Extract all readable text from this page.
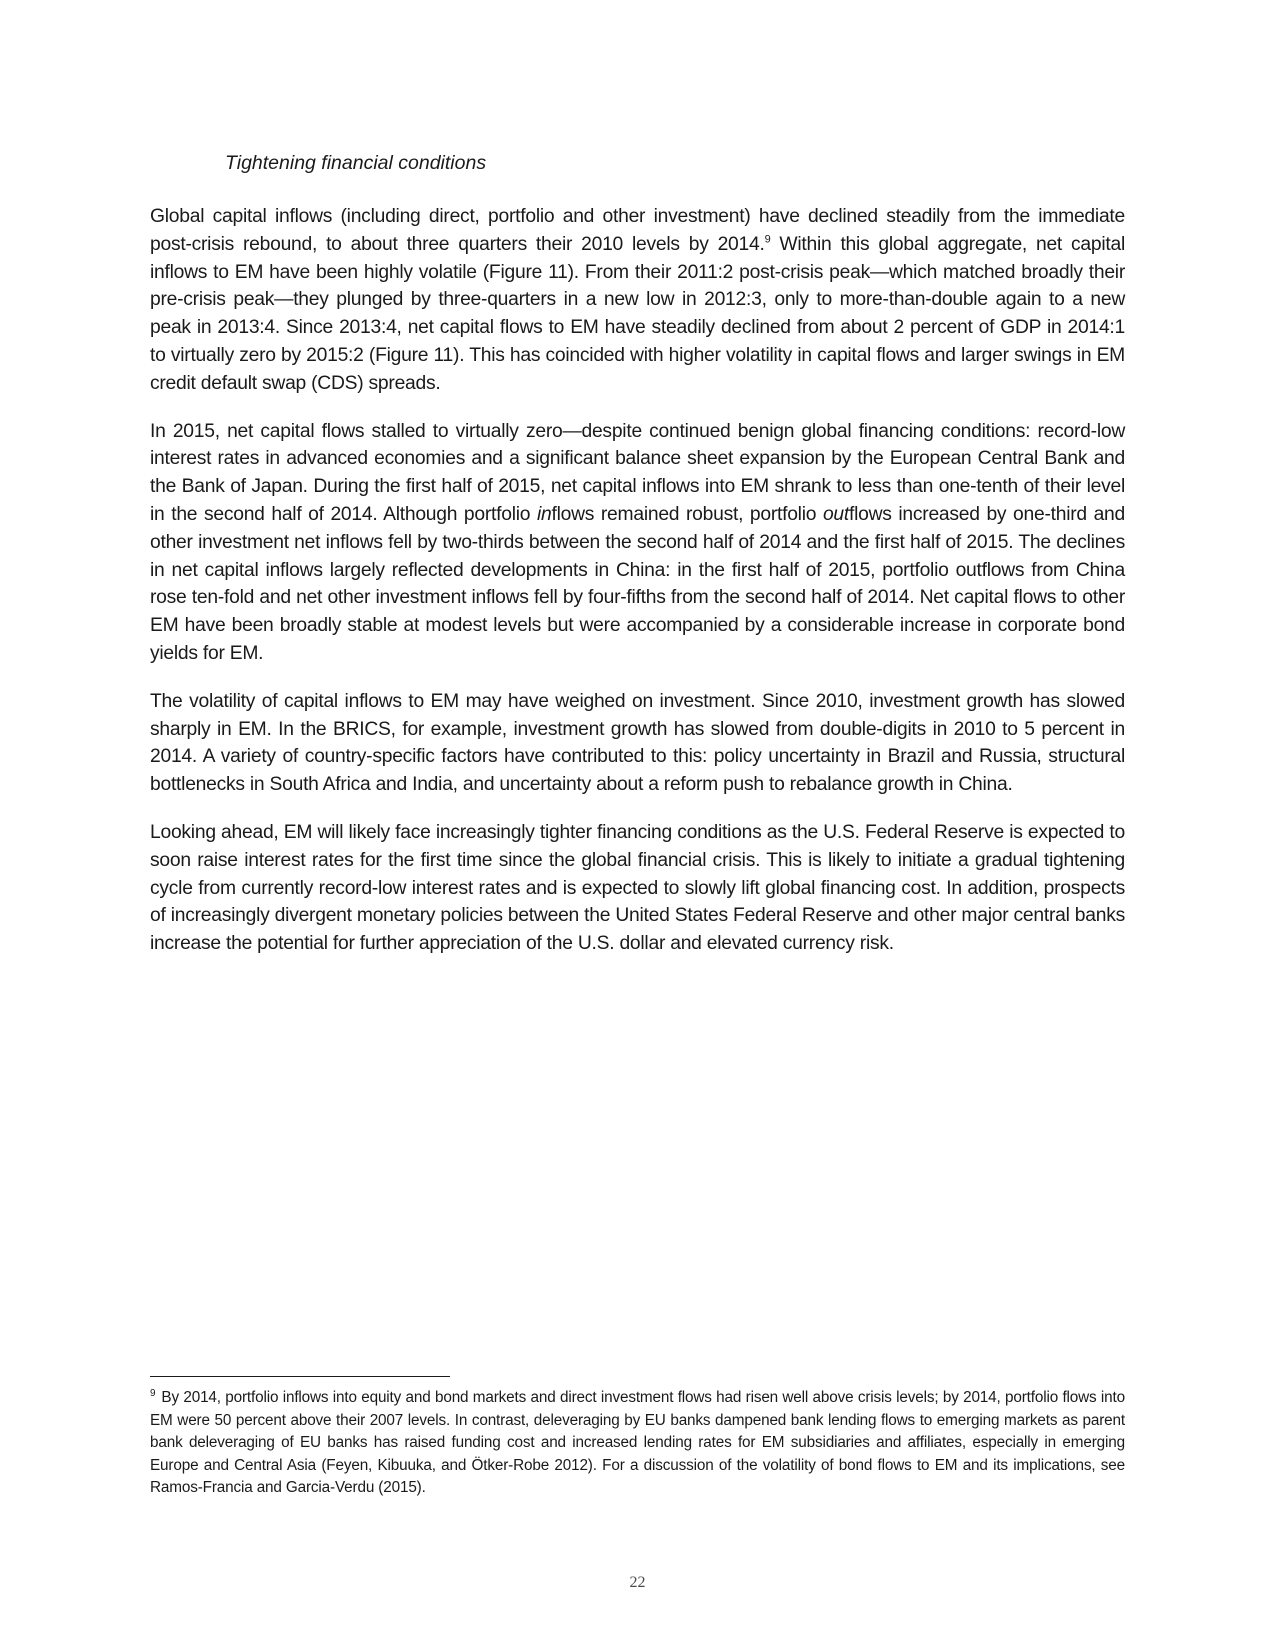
Tightening financial conditions

Global capital inflows (including direct, portfolio and other investment) have declined steadily from the immediate post-crisis rebound, to about three quarters their 2010 levels by 2014.$^9$ Within this global aggregate, net capital inflows to EM have been highly volatile (Figure 11). From their 2011:2 post-crisis peak—which matched broadly their pre-crisis peak—they plunged by three-quarters in a new low in 2012:3, only to more-than-double again to a new peak in 2013:4. Since 2013:4, net capital flows to EM have steadily declined from about 2 percent of GDP in 2014:1 to virtually zero by 2015:2 (Figure 11). This has coincided with higher volatility in capital flows and larger swings in EM credit default swap (CDS) spreads.

In 2015, net capital flows stalled to virtually zero—despite continued benign global financing conditions: record-low interest rates in advanced economies and a significant balance sheet expansion by the European Central Bank and the Bank of Japan. During the first half of 2015, net capital inflows into EM shrank to less than one-tenth of their level in the second half of 2014. Although portfolio inflows remained robust, portfolio outflows increased by one-third and other investment net inflows fell by two-thirds between the second half of 2014 and the first half of 2015. The declines in net capital inflows largely reflected developments in China: in the first half of 2015, portfolio outflows from China rose ten-fold and net other investment inflows fell by four-fifths from the second half of 2014. Net capital flows to other EM have been broadly stable at modest levels but were accompanied by a considerable increase in corporate bond yields for EM.

The volatility of capital inflows to EM may have weighed on investment. Since 2010, investment growth has slowed sharply in EM. In the BRICS, for example, investment growth has slowed from double-digits in 2010 to 5 percent in 2014. A variety of country-specific factors have contributed to this: policy uncertainty in Brazil and Russia, structural bottlenecks in South Africa and India, and uncertainty about a reform push to rebalance growth in China.

Looking ahead, EM will likely face increasingly tighter financing conditions as the U.S. Federal Reserve is expected to soon raise interest rates for the first time since the global financial crisis. This is likely to initiate a gradual tightening cycle from currently record-low interest rates and is expected to slowly lift global financing cost. In addition, prospects of increasingly divergent monetary policies between the United States Federal Reserve and other major central banks increase the potential for further appreciation of the U.S. dollar and elevated currency risk.

$^9$ By 2014, portfolio inflows into equity and bond markets and direct investment flows had risen well above crisis levels; by 2014, portfolio flows into EM were 50 percent above their 2007 levels. In contrast, deleveraging by EU banks dampened bank lending flows to emerging markets as parent bank deleveraging of EU banks has raised funding cost and increased lending rates for EM subsidiaries and affiliates, especially in emerging Europe and Central Asia (Feyen, Kibuuka, and Ötker-Robe 2012). For a discussion of the volatility of bond flows to EM and its implications, see Ramos-Francia and Garcia-Verdu (2015).

22
